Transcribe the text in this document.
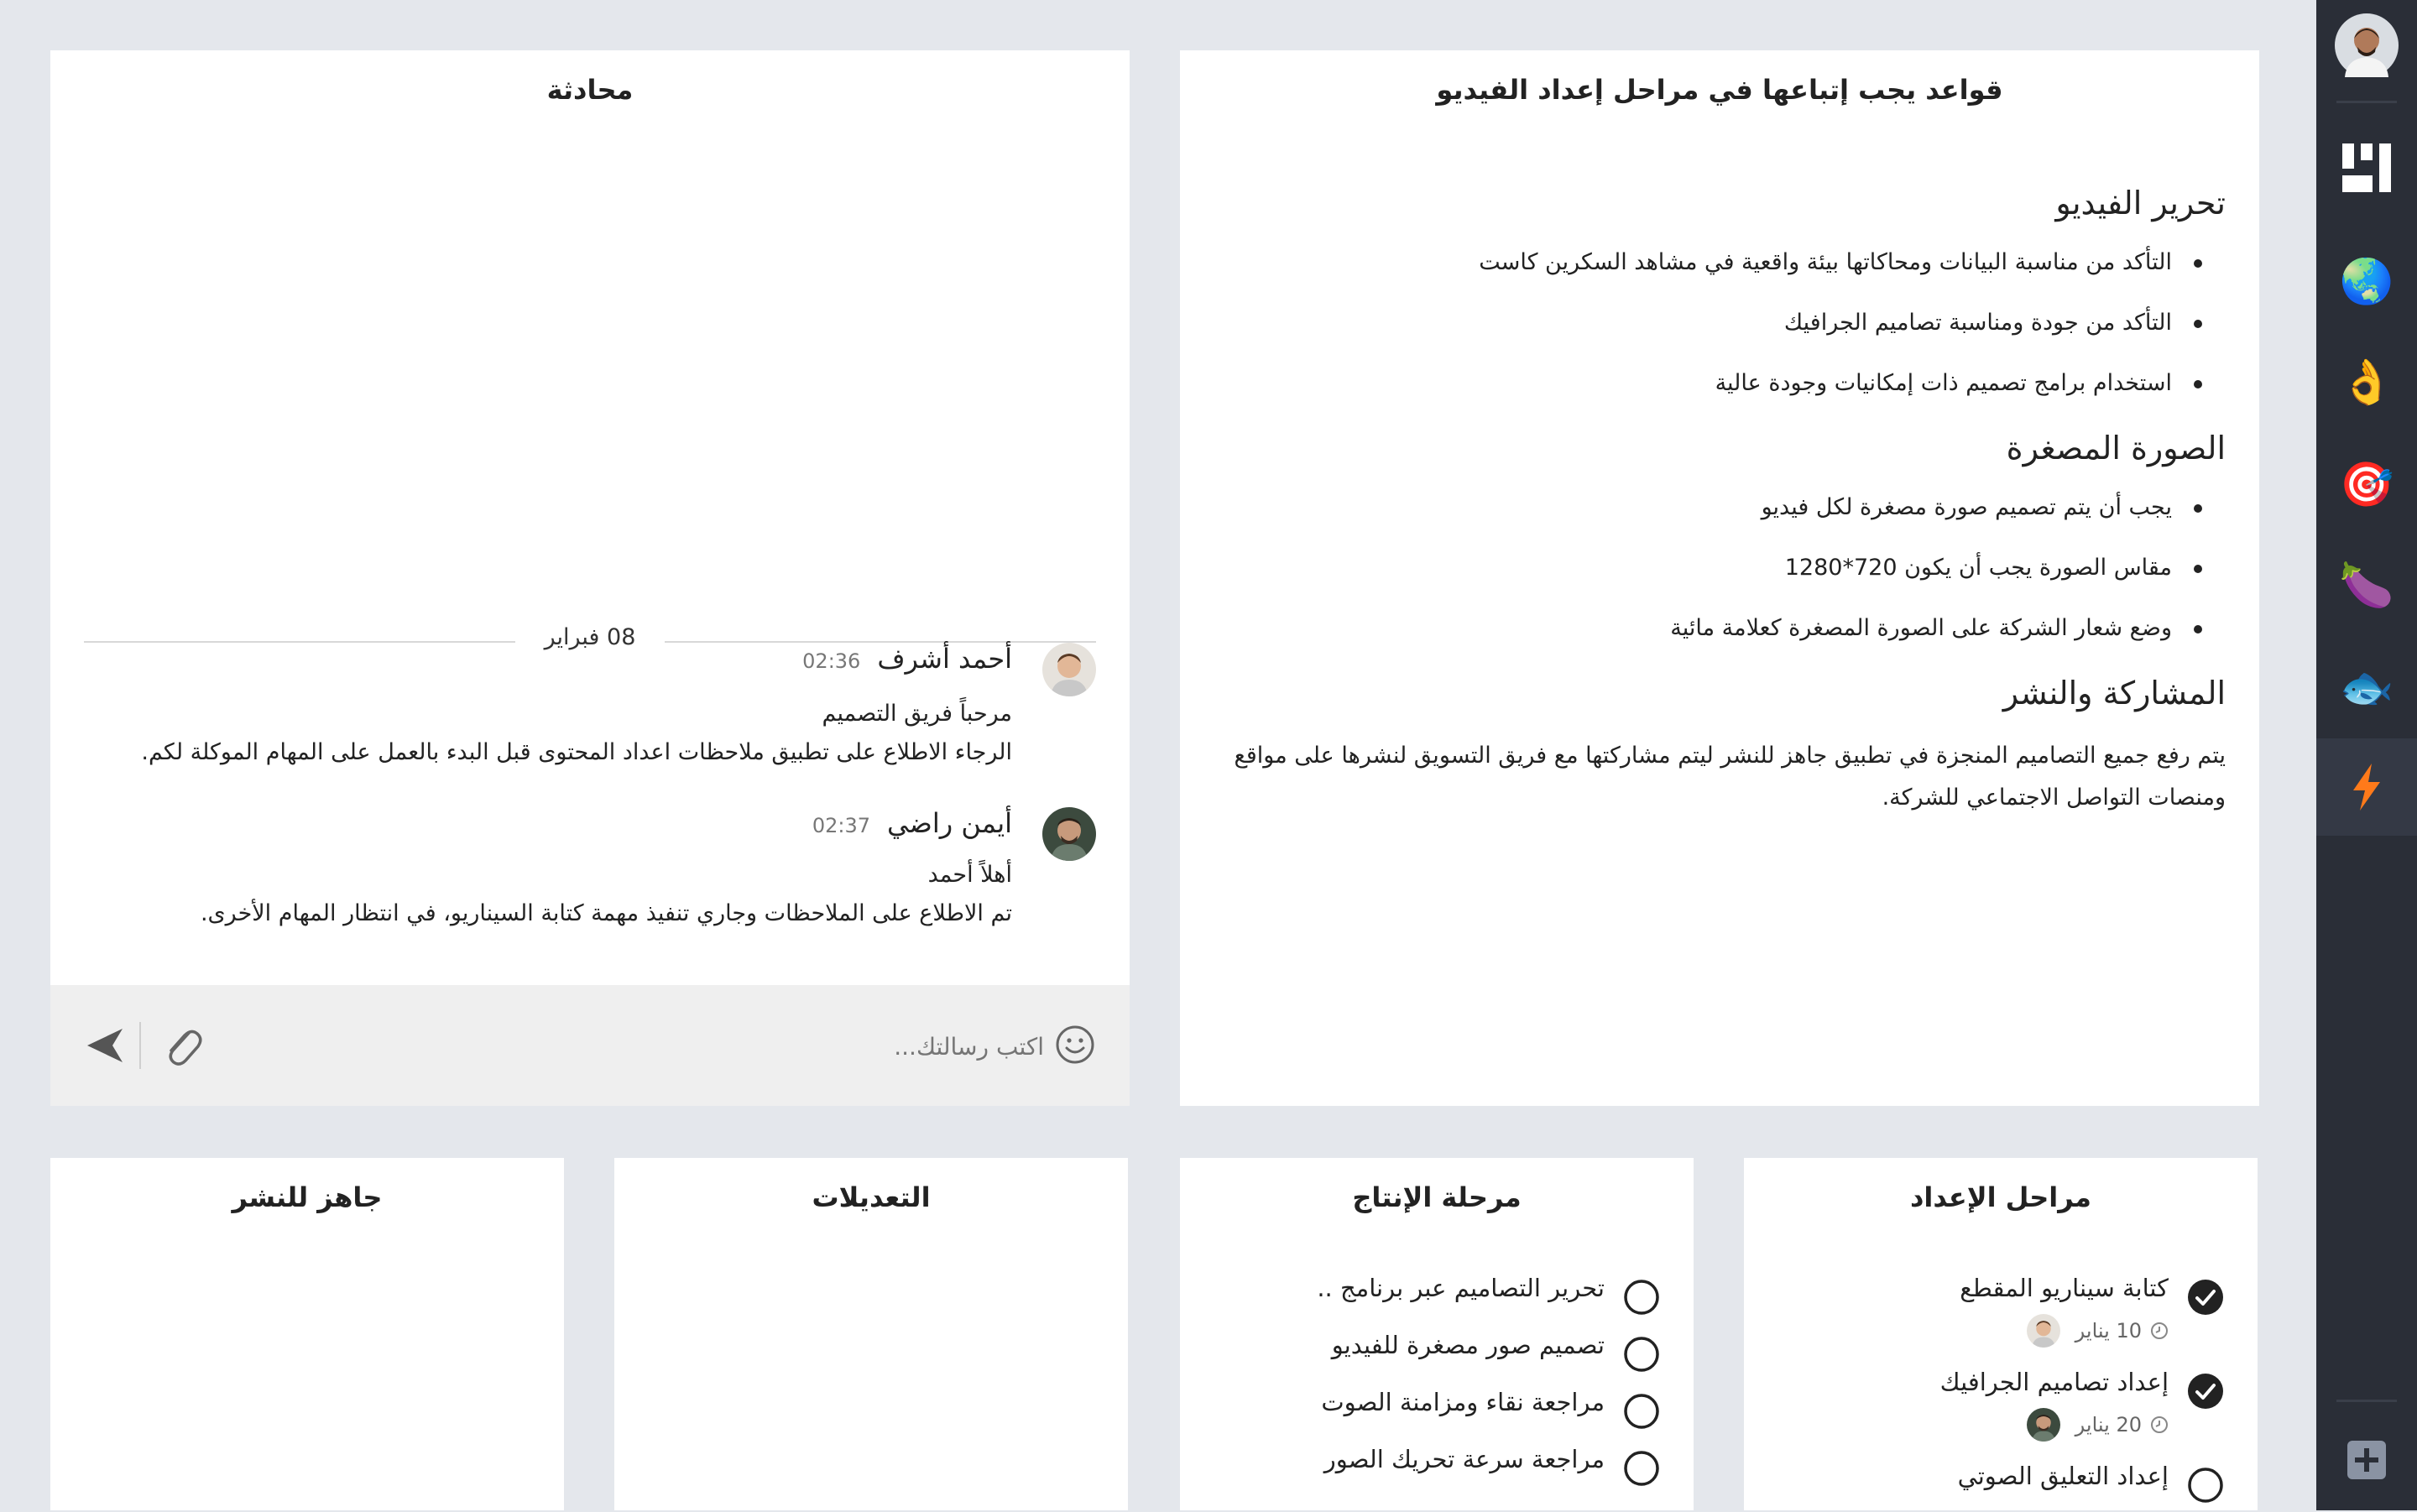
🌏
👌
🎯
🍆
🐟
قواعد يجب إتباعها في مراحل إعداد الفيديو
تحرير الفيديو
التأكد من مناسبة البيانات ومحاكاتها بيئة واقعية في مشاهد السكرين كاست
التأكد من جودة ومناسبة تصاميم الجرافيك
استخدام برامج تصميم ذات إمكانيات وجودة عالية
الصورة المصغرة
يجب أن يتم تصميم صورة مصغرة لكل فيديو
مقاس الصورة يجب أن يكون 720*1280
وضع شعار الشركة على الصورة المصغرة كعلامة مائية
المشاركة والنشر

يتم رفع جميع التصاميم المنجزة في تطبيق جاهز للنشر ليتم مشاركتها مع فريق التسويق لنشرها على مواقع ومنصات التواصل الاجتماعي للشركة.

محادثة
08 فبراير
أحمد أشرف
02:36
مرحباً فريق التصميم
الرجاء الاطلاع على تطبيق ملاحظات اعداد المحتوى قبل البدء بالعمل على المهام الموكلة لكم.
أيمن راضي
02:37
أهلاً أحمد
تم الاطلاع على الملاحظات وجاري تنفيذ مهمة كتابة السيناريو، في انتظار المهام الأخرى.
اكتب رسالتك...
مراحل الإعداد
كتابة سيناريو المقطع
10 يناير
إعداد تصاميم الجرافيك
20 يناير
إعداد التعليق الصوتي
مرحلة الإنتاج
تحرير التصاميم عبر برنامج ..
تصميم صور مصغرة للفيديو
مراجعة نقاء ومزامنة الصوت
مراجعة سرعة تحريك الصور
التعديلات
جاهز للنشر
